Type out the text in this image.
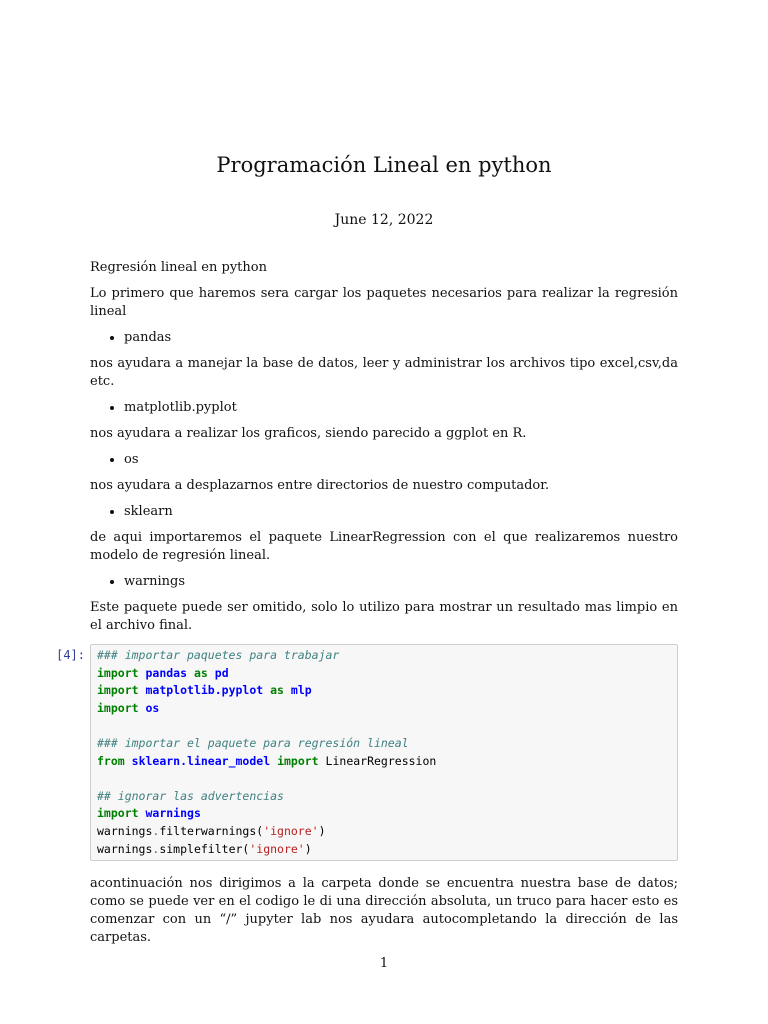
Programación Lineal en python
June 12, 2022

Regresión lineal en python

Lo primero que haremos sera cargar los paquetes necesarios para realizar la regresión lineal

• pandas

nos ayudara a manejar la base de datos, leer y administrar los archivos tipo excel,csv,da etc.

• matplotlib.pyplot

nos ayudara a realizar los graficos, siendo parecido a ggplot en R.

• os

nos ayudara a desplazarnos entre directorios de nuestro computador.

• sklearn

de aqui importaremos el paquete LinearRegression con el que realizaremos nuestro modelo de regresión lineal.

• warnings

Este paquete puede ser omitido, solo lo utilizo para mostrar un resultado mas limpio en el archivo final.

[4]:	### importar paquetes para trabajar
import pandas as pd
import matplotlib.pyplot as mlp
import os

### importar el paquete para regresión lineal
from sklearn.linear_model import LinearRegression

## ignorar las advertencias
import warnings
warnings.filterwarnings('ignore')
warnings.simplefilter('ignore')

acontinuación nos dirigimos a la carpeta donde se encuentra nuestra base de datos; como se puede ver en el codigo le di una dirección absoluta, un truco para hacer esto es comenzar con un “/” jupyter lab nos ayudara autocompletando la dirección de las carpetas.

1
